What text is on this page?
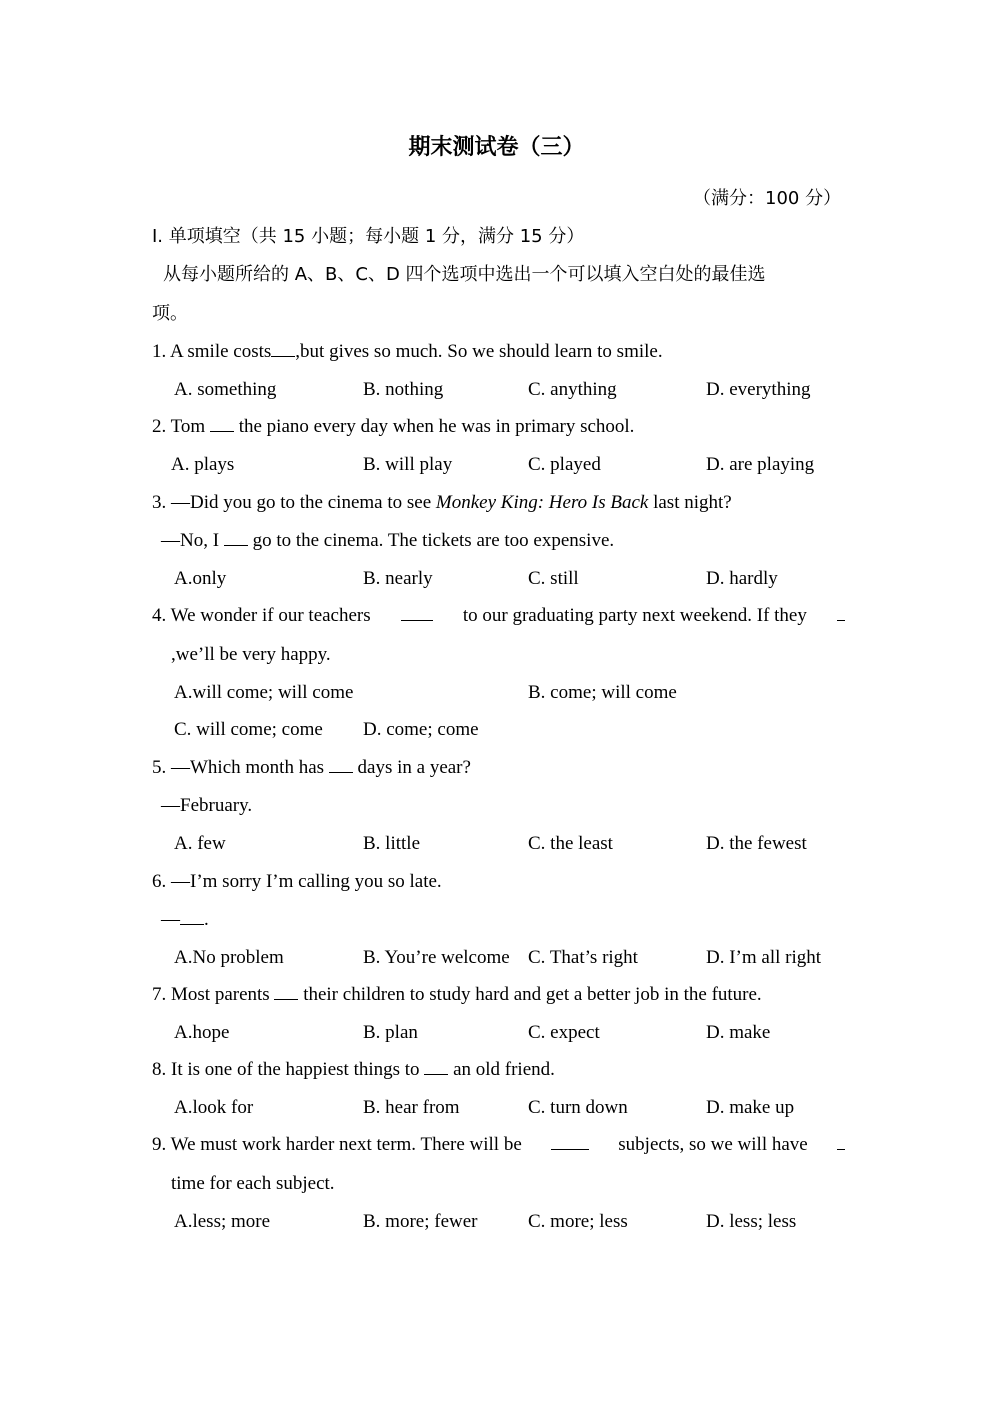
期末测试卷（三）
（满分：100 分）
Ⅰ. 单项填空（共 15 小题；每小题 1 分，满分 15 分）
从每小题所给的 A、B、C、D 四个选项中选出一个可以填入空白处的最佳选
项。
1. A smile costs ,but gives so much. So we should learn to smile.
A. something	B. nothing	C. anything	D. everything
2. Tom the piano every day when he was in primary school.
A. plays	B. will play	C. played	D. are playing
3. —Did you go to the cinema to see Monkey King: Hero Is Back last night?
—No, I go to the cinema. The tickets are too expensive.
A.only	B. nearly	C. still	D. hardly
4. We wonder if our teachers	to our graduating party next weekend. If they
,we’ll be very happy.
A.will come; will come	B. come; will come
C. will come; come D. come; come
5. —Which month has days in a year?
—February.
A. few	B. little	C. the least	D. the fewest
6. —I’m sorry I’m calling you so late.
— .
A.No problem	B. You’re welcome C. That’s right	D. I’m all right
7. Most parents their children to study hard and get a better job in the future.
A.hope	B. plan	C. expect	D. make
8. It is one of the happiest things to an old friend.
A.look for	B. hear from	C. turn down	D. make up
9. We must work harder next term. There will be	subjects, so we will have
time for each subject.
A.less; more	B. more; fewer	C. more; less	D. less; less
